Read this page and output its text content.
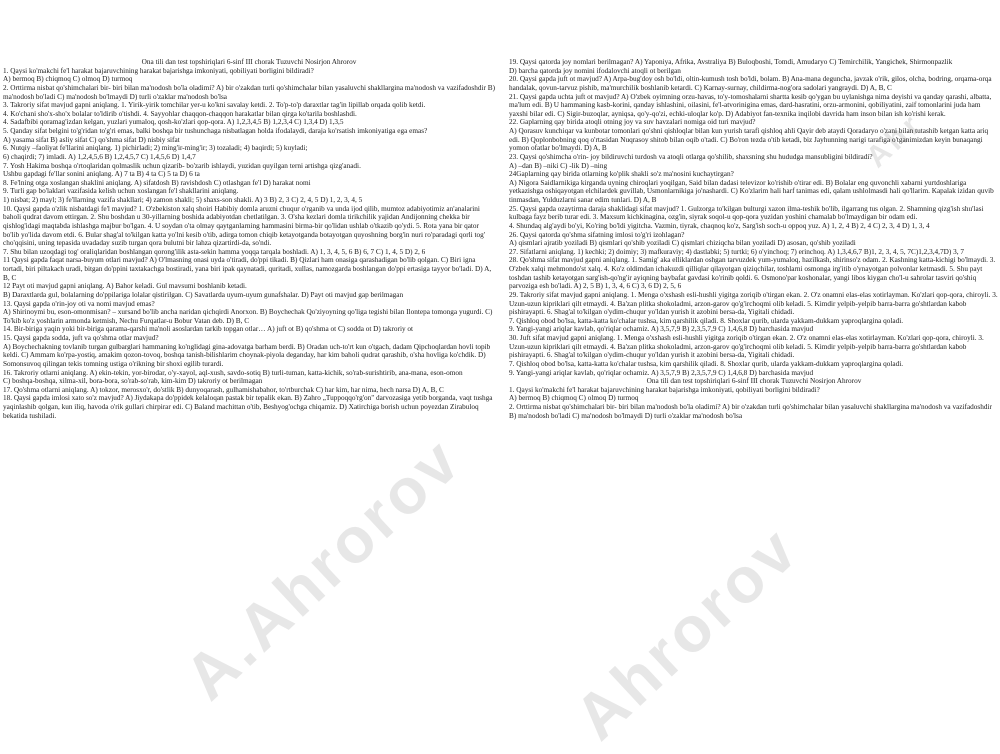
A.Ahrorov Ahrorov
Ahr

Ona tili dan test topshiriqlari 6-sinf III chorak Tuzuvchi Nosirjon Ahrorov

1. Qaysi ko'makchi fe'l harakat bajaruvchining harakat bajarishga imkoniyati, qobiliyati borligini bildiradi?

A) bermoq B) chiqmoq C) olmoq D) turmoq

2. Orttirma nisbat qo'shimchalari bir- biri bilan ma'nodosh bo'la oladimi? A) bir o'zakdan turli qo'shimchalar bilan yasaluvchi shakllargina ma'nodosh va vazifadoshdir B) ma'nodosh bo'ladi C) ma'nodosh bo'lmaydi D) turli o'zaklar ma'nodosh bo'lsa

3. Takroriy sifat mavjud gapni aniqlang. 1. Yirik-yirik tomchilar yer-u ko'kni savalay ketdi. 2. To'p-to'p daraxtlar tag'in lipillab orqada qolib ketdi.

4. Ko'chani sho'x-sho'x bolalar to'ldirib o'tishdi. 4. Sayyohlar chaqqon-chaqqon harakatlar bilan qirga ko'tarila boshlashdi.

4. Sadafbibi qoramag'izdan kelgan, yuzlari yumaloq, qosh-ko'zlari qop-qora. A) 1,2,3,4,5 B) 1,2,3,4 C) 1,3,4 D) 1,3,5

5. Qanday sifat belgini to'g'ridan to'g'ri emas, balki boshqa bir tushunchaga nisbatlagan holda ifodalaydi, daraja ko'rsatish imkoniyatiga ega emas?

A) yasama sifat B) asliy sifat C) qo'shma sifat D) nisbiy sifat

6. Nutqiy –faoliyat fe'llarini aniqlang. 1) pichirladi; 2) ming'ir-ming'ir; 3) tozaladi; 4) baqirdi; 5) kuyladi;

6) chaqirdi; 7) imladi. A) 1,2,4,5,6 B) 1,2,4,5,7 C) 1,4,5,6 D) 1,4,7

7. Yosh Hakima boshqa o'rtoqlaridan qolmaslik uchun qizarib- bo'zarib ishlaydi, yuzidan quyilgan terni artishga qizg'anadi.

Ushbu gapdagi fe'llar sonini aniqlang. A) 7 ta B) 4 ta C) 5 ta D) 6 ta

8. Fe'lning otga xoslangan shaklini aniqlang. A) sifatdosh B) ravishdosh C) otlashgan fe'l D) harakat nomi

9. Turli gap bo'laklari vazifasida kelish uchun xoslangan fe'l shakllarini aniqlang.

1) nisbat; 2) mayl; 3) fe'llarning vazifa shakllari; 4) zamon shakli; 5) shaxs-son shakli. A) 3 B) 2, 3 C) 2, 4, 5 D) 1, 2, 3, 4, 5

10. Qaysi gapda o'zlik nisbatdagi fe'l mavjud? 1. O'zbekiston xalq shoiri Habibiy domla aruzni chuqur o'rganib va unda ijod qilib, mumtoz adabiyotimiz an'analarini baholi qudrat davom ettirgan. 2. Shu boshdan u 30-yillarning boshida adabiyotdan chetlatilgan. 3. O'sha kezlari domla tirikchilik yajidan Andijonning chekka bir qishlog'idagi maqtabda ishlashga majbur bo'lgan. 4. U soydan o'ta olmay qaytganlarning hammasini birma-bir qo'lidan ushlab o'tkazib qo'ydi. 5. Rota yana bir qator bo'lib yo'lida davom etdi. 6. Bular shag'al to'kilgan katta yo'lni kesib o'tib, adirga tomon chiqib ketayotganda botayotgan quyoshning borg'in nuri ro'paradagi qorli tog' cho'qqisini, uning tepasida uvadaday suzib turgan qora bulutni bir lahza qizartirdi-da, so'ndi.

7. Shu bilan uzoqdagi tog' oraliqlaridan boshlangan qorong'ilik asta-sekin hamma yoqqa tarqala boshladi. A) 1, 3, 4, 5, 6 B) 6, 7 C) 1, 4, 5 D) 2, 6

11 Qaysi gapda faqat narsa-buyum otlari mavjud? A) O'lmasning onasi uyda o'tiradi, do'ppi tikadi. B) Qizlari ham onasiga qarashadigan bo'lib qolgan. C) Biri igna tortadi, biri piltakach uradi, bitgan do'ppini taxtakachga bostiradi, yana biri ipak qaynatadi, quritadi, xullas, namozgarda boshlangan do'ppi ertasiga tayyor bo'ladi. D) A, B, C

12 Payt oti mavjud gapni aniqlang. A) Bahor keladi. Gul mavsumi boshlanib ketadi.

B) Daraxtlarda gul, bolalarning do'ppilariga lolalar qistirilgan. C) Savatlarda uyum-uyum gunafshalar. D) Payt oti mavjud gap berilmagan

13. Qaysi gapda o'rin-joy oti va nomi mavjud emas?

A) Shirinoymi bu, eson-omonmisan? – xursand bo'lib ancha naridan qichqirdi Anorxon. B) Boychechak Qo'ziyoyning qo'liga tegishi bilan Ilontepa tomonga yugurdi. C) To'kib ko'z yoshlarin armonda ketmish, Nechu Furqatlar-u Bobur Vatan deb. D) B, C

14. Bir-biriga yaqin yoki bir-biriga qarama-qarshi ma'noli asoslardan tarkib topgan otlar… A) juft ot B) qo'shma ot C) sodda ot D) takroriy ot

15. Qaysi gapda sodda, juft va qo'shma otlar mavjud?

A) Boychechakning tovlanib turgan gulbarglari hammaning ko'nglidagi gina-adovatga barham berdi. B) Oradan uch-to'rt kun o'tgach, dadam Qipchoqlardan hovli topib keldi. C) Ammam ko'rpa-yostiq, amakim qozon-tovoq, boshqa tanish-bilishlarim choynak-piyola deganday, har kim baholi qudrat qarashib, o'sha hovliga ko'chdik. D) Somonsuvoq qilingan tekis tomning ustiga o'rikning bir shoxi egilib turardi.

16. Takroriy otlarni aniqlang. A) ekin-tekin, yor-birodar, o'y-xayol, aql-xush, savdo-sotiq B) turli-tuman, katta-kichik, so'rab-surishtirib, ana-mana, eson-omon

C) boshqa-boshqa, xilma-xil, bora-bora, so'rab-so'rab, kim-kim D) takroriy ot berilmagan

17. Qo'shma otlarni aniqlang. A) tokzor, merosxo'r, do'stlik B) dunyoqarash, gulhamishabahor, to'rtburchak C) har kim, har nima, hech narsa D) A, B, C

18. Qaysi gapda imlosi xato so'z mavjud? A) Jiydakapa do'ppidek kelaloqan pastak bir tepalik ekan. B) Zahro „Tupроqqo'rg'on" darvozasiga yetib borganda, vaqt tushga yaqinlashib qolgan, kun iliq, havoda o'rik gullari chirpirar edi. C) Baland machittan o'tib, Beshyog'ochga chiqamiz. D) Xatirchiga borish uchun poyezdan Zirabuloq bekatida tushiladi.

19. Qaysi qatorda joy nomlari berilmagan? A) Yaponiya, Afrika, Avstraliya B) Buloqboshi, Tomdi, Amudaryo C) Temirchilik, Yangichek, Shirmonpazlik

D) barcha qatorda joy nomini ifodalovchi atoqli ot berilgan

20. Qaysi gapda juft ot mavjud? A) Arpa-bug'doy osh bo'ldi, oltin-kumush tosh bo'ldi, bolam. B) Ana-mana deguncha, javzak o'rik, gilos, olcha, bodring, orqama-orqa handalak, qovun-tarvuz pishib, ma'murchilik boshlanib ketardi. C) Karnay-surnay, childirma-nog'ora sadolari yangraydi. D) A, B, C

21. Qaysi gapda uchta juft ot mavjud? A) O'zbek oyimning orzu-havas, to'y-tomoshalarni shartta kesib qo'ygan bu uylanishga nima deyishi va qanday qarashi, albatta, ma'lum edi. B) U hammaning kasb-korini, qanday ishlashini, oilasini, fe'l-atvorinigina emas, dard-hasratini, orzu-armonini, qobiliyatini, zaif tomonlarini juda ham yaxshi bilar edi. C) Sigir-buzoqlar, ayniqsa, qo'y-qo'zi, echki-uloqlar ko'p. D) Adabiyot fan-texnika inqilobi davrida ham inson bilan ish ko'rishi kerak.

22. Gaplarning qay birida atoqli otning joy va suv havzalari nomiga oid turi mavjud?

A) Qorasuv kunchiqar va kunbotar tomonlari qo'shni qishloqlar bilan kun yurish tarafi qishloq ahli Qayir deb ataydi Qoradaryo o'zani bilan tutashib ketgan katta ariq edi. B) Qoplonbobning qoq o'rtasidan Nuqrasoy shitob bilan oqib o'tadi. C) Bo'ron tezda o'tib ketadi, biz Jayhunning narigi tarafiga o'tganimizdan keyin bunaqangi yomon ofatlar bo'lmaydi. D) A, B

23. Qaysi qo'shimcha o'rin- joy bildiruvchi turdosh va atoqli otlarga qo'shilib, shaxsning shu hududga mansubligini bildiradi?

A) –dan B) –niki C) -lik D) –ning

24Gaplarning qay birida otlarning ko'plik shakli so'z ma'nosini kuchaytirgan?

A) Nigora Saidlarnikiga kirganda uyning chiroqlari yoqilgan, Said bilan dadasi televizor ko'rishib o'tirar edi. B) Bolalar eng quvonchli xabarni yurtdoshlariga yetkazishga oshiqayotgan elchilardek guvillab, Usmonlarnikiga jo'nashardi. C) Ko'zlarim hali harf tanimas edi, qalam ushlolmasdi hali qo'llarim. Kapalak izidan quvib tinmasdan, Yulduzlarni sanar edim tunlari. D) A, B

25. Qaysi gapda ozaytirma daraja shaklidagi sifat mavjud? 1. Gulzorga to'kilgan bulturgi xazon ilma-teshik bo'lib, ilgarrang tus olgan. 2. Shamning qizg'ish shu'lasi kulbaga fayz berib turar edi. 3. Maxsum kichkinagina, ozg'in, siyrak soqol-u qop-qora yuzidan yoshini chamalab bo'lmaydigan bir odam edi.

4. Shundaq alg'aydi bo'yi, Ko'ring bo'ldi yigitcha. Vazmin, tiyrak, chaqnoq ko'z, Sarg'ish soch-u oppoq yuz. A) 1, 2, 4 B) 2, 4 C) 2, 3, 4 D) 1, 3, 4

26. Qaysi qatorda qo'shma sifatning imlosi to'g'ri izohlagan?

A) qismlari ajratib yoziladi B) qismlari qo'shib yoziladi C) qismlari chiziqcha bilan yoziladi D) asosan, qo'shib yoziladi

27. Sifatlarni aniqlang. 1) kechki; 2) doimiy; 3) mafkuraviy; 4) dastlabki; 5) turtki; 6) o'yinchoq; 7) erinchoq. A) 1,3,4,6,7 B)1, 2, 3, 4, 5, 7C)1,2,3,4,7D) 3, 7

28. Qo'shma sifat mavjud gapni aniqlang. 1. Samig' aka elliklardan oshgan tarvuzdek yum-yumaloq, hazilkash, shirinso'z odam. 2. Kashning katta-kichigi bo'lmaydi. 3. O'zbek xalqi mehmondo'st xalq. 4. Ko'z oldimdan ichakuzdi qilliqlar qilayotgan qiziqchilar, toshlarni osmonga irg'itib o'ynayotgan polvonlar ketmasdi. 5. Shu payt toshdan tashib ketayotgan sarg'ish-qo'ng'ir ayiqning baybafat gavdasi ko'rinib qoldi. 6. Osmono'par koshonalar, yangi libos kiygan cho'l-u sahrolar tasviri qo'shiq parvoziga esh bo'ladi. A) 2, 5 B) 1, 3, 4, 6 C) 3, 6 D) 2, 5, 6

29. Takroriy sifat mavjud gapni aniqlang. 1. Menga o'xshash esli-hushli yigitga zoriqib o'tirgan ekan. 2. O'z onamni elas-elas xotirlayman. Ko'zlari qop-qora, chiroyli. 3. Uzun-uzun kipriklari qilt etmaydi. 4. Ba'zan plitka shokoladmi, arzon-garov qo'g'irchoqmi olib keladi. 5. Kimdir yelpib-yelpib barra-barra go'shtlardan kabob pishirayapti. 6. Shag'al to'kilgan o'ydim-chuqur yo'ldan yurish it azobini bersa-da, Yigitali chidadi.

7. Qishloq obod bo'lsa, katta-katta ko'chalar tushsa, kim qarshilik qiladi. 8. Shoxlar qurib, ularda yakkam-dukkam yaproqlargina qoladi.

9. Yangi-yangi ariqlar kavlab, qo'riqlar ochamiz. A) 3,5,7,9 B) 2,3,5,7,9 C) 1,4,6,8 D) barchasida mavjud

30. Juft sifat mavjud gapni aniqlang. 1. Menga o'xshash esli-hushli yigitga zoriqib o'tirgan ekan. 2. O'z onamni elas-elas xotirlayman. Ko'zlari qop-qora, chiroyli. 3. Uzun-uzun kipriklari qilt etmaydi. 4. Ba'zan plitka shokoladmi, arzon-garov qo'g'irchoqmi olib keladi. 5. Kimdir yelpib-yelpib barra-barra go'shtlardan kabob pishirayapti. 6. Shag'al to'kilgan o'ydim-chuqur yo'ldan yurish it azobini bersa-da, Yigitali chidadi.

7. Qishloq obod bo'lsa, katta-katta ko'chalar tushsa, kim qarshilik qiladi. 8. Shoxlar qurib, ularda yakkam-dukkam yaproqlargina qoladi.

9. Yangi-yangi ariqlar kavlab, qo'riqlar ochamiz. A) 3,5,7,9 B) 2,3,5,7,9 C) 1,4,6,8 D) barchasida mavjud

Ona tili dan test topshiriqlari 6-sinf III chorak Tuzuvchi Nosirjon Ahrorov

1. Qaysi ko'makchi fe'l harakat bajaruvchining harakat bajarishga imkoniyati, qobiliyati borligini bildiradi?

A) bermoq B) chiqmoq C) olmoq D) turmoq

2. Orttirma nisbat qo'shimchalari bir- biri bilan ma'nodosh bo'la oladimi? A) bir o'zakdan turli qo'shimchalar bilan yasaluvchi shakllargina ma'nodosh va vazifadoshdir B) ma'nodosh bo'ladi C) ma'nodosh bo'lmaydi D) turli o'zaklar ma'nodosh bo'lsa
